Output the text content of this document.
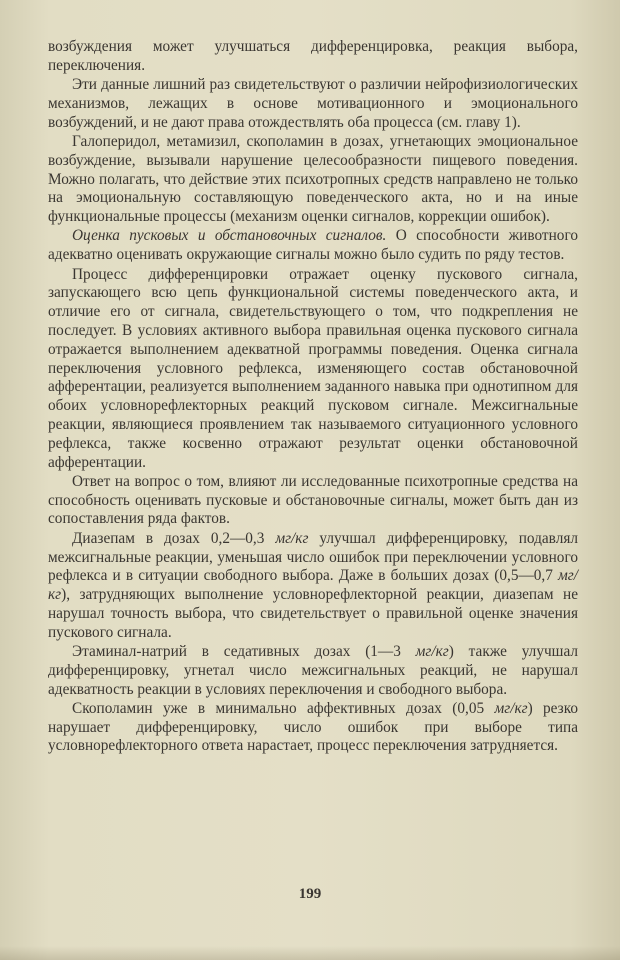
возбуждения может улучшаться дифференцировка, реакция выбора, переключения.

Эти данные лишний раз свидетельствуют о различии нейрофизиологических механизмов, лежащих в основе мотивационного и эмоционального возбуждений, и не дают права отождествлять оба процесса (см. главу 1).

Галоперидол, метамизил, скополамин в дозах, угнетающих эмоциональное возбуждение, вызывали нарушение целесообразности пищевого поведения. Можно полагать, что действие этих психотропных средств направлено не только на эмоциональную составляющую поведенческого акта, но и на иные функциональные процессы (механизм оценки сигналов, коррекции ошибок).

Оценка пусковых и обстановочных сигналов. О способности животного адекватно оценивать окружающие сигналы можно было судить по ряду тестов.

Процесс дифференцировки отражает оценку пускового сигнала, запускающего всю цепь функциональной системы поведенческого акта, и отличие его от сигнала, свидетельствующего о том, что подкрепления не последует. В условиях активного выбора правильная оценка пускового сигнала отражается выполнением адекватной программы поведения. Оценка сигнала переключения условного рефлекса, изменяющего состав обстановочной афферентации, реализуется выполнением заданного навыка при однотипном для обоих условнорефлекторных реакций пусковом сигнале. Межсигнальные реакции, являющиеся проявлением так называемого ситуационного условного рефлекса, также косвенно отражают результат оценки обстановочной афферентации.

Ответ на вопрос о том, влияют ли исследованные психотропные средства на способность оценивать пусковые и обстановочные сигналы, может быть дан из сопоставления ряда фактов.

Диазепам в дозах 0,2—0,3 мг/кг улучшал дифференцировку, подавлял межсигнальные реакции, уменьшая число ошибок при переключении условного рефлекса и в ситуации свободного выбора. Даже в больших дозах (0,5—0,7 мг/кг), затрудняющих выполнение условнорефлекторной реакции, диазепам не нарушал точность выбора, что свидетельствует о правильной оценке значения пускового сигнала.

Этаминал-натрий в седативных дозах (1—3 мг/кг) также улучшал дифференцировку, угнетал число межсигнальных реакций, не нарушал адекватность реакции в условиях переключения и свободного выбора.

Скополамин уже в минимально аффективных дозах (0,05 мг/кг) резко нарушает дифференцировку, число ошибок при выборе типа условнорефлекторного ответа нарастает, процесс переключения затрудняется.

199
